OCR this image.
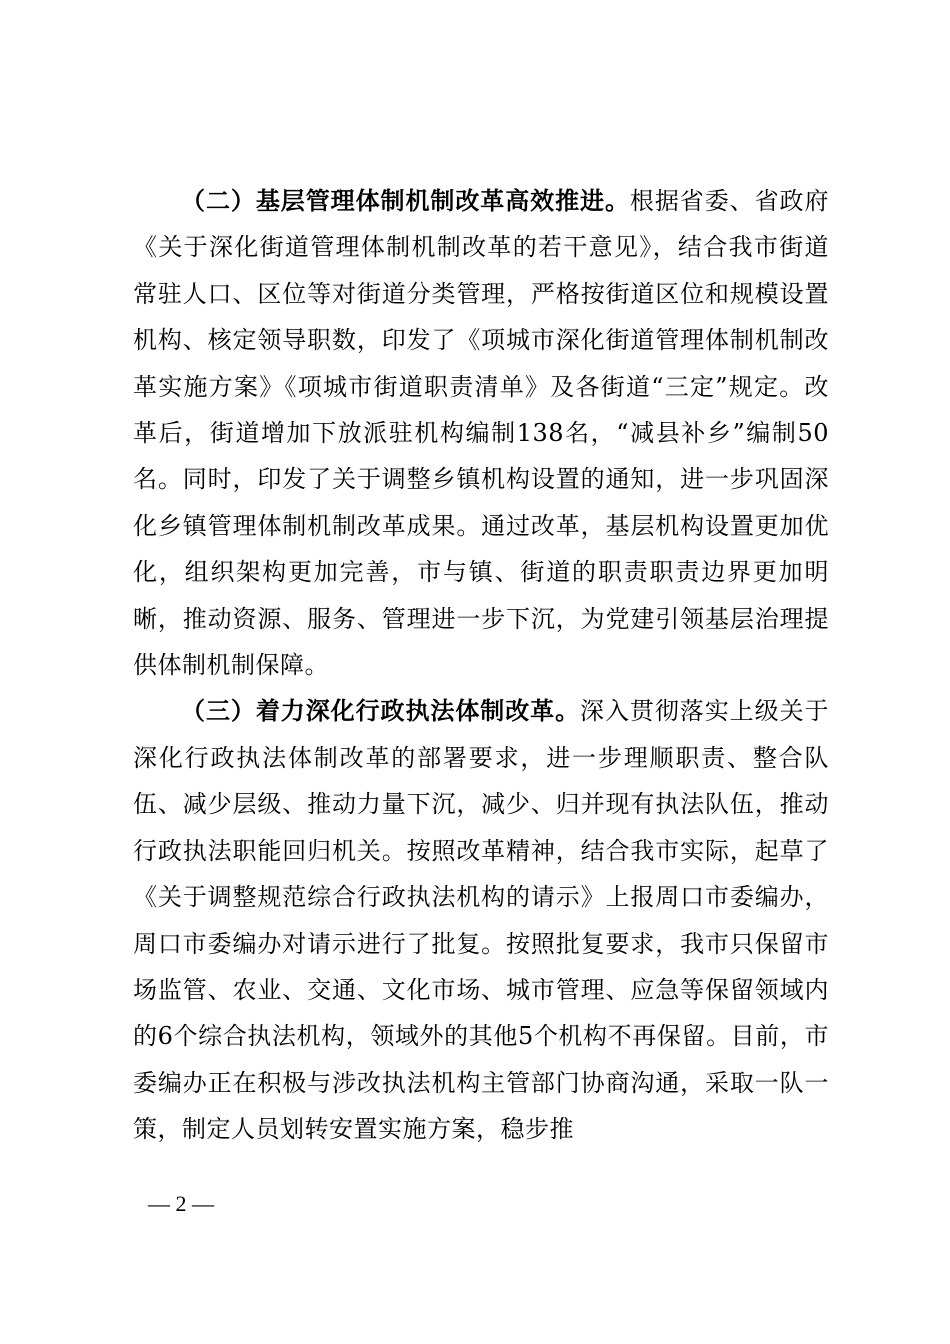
（二）基层管理体制机制改革高效推进。根据省委、省政府《关于深化街道管理体制机制改革的若干意见》，结合我市街道常驻人口、区位等对街道分类管理，严格按街道区位和规模设置机构、核定领导职数，印发了《项城市深化街道管理体制机制改革实施方案》《项城市街道职责清单》及各街道“三定”规定。改革后，街道增加下放派驻机构编制138名，“减县补乡”编制50名。同时，印发了关于调整乡镇机构设置的通知，进一步巩固深化乡镇管理体制机制改革成果。通过改革，基层机构设置更加优化，组织架构更加完善，市与镇、街道的职责职责边界更加明晰，推动资源、服务、管理进一步下沉，为党建引领基层治理提供体制机制保障。

（三）着力深化行政执法体制改革。深入贯彻落实上级关于深化行政执法体制改革的部署要求，进一步理顺职责、整合队伍、减少层级、推动力量下沉，减少、归并现有执法队伍，推动行政执法职能回归机关。按照改革精神，结合我市实际，起草了《关于调整规范综合行政执法机构的请示》上报周口市委编办，周口市委编办对请示进行了批复。按照批复要求，我市只保留市场监管、农业、交通、文化市场、城市管理、应急等保留领域内的6个综合执法机构，领域外的其他5个机构不再保留。目前，市委编办正在积极与涉改执法机构主管部门协商沟通，采取一队一策，制定人员划转安置实施方案，稳步推

— 2 —
